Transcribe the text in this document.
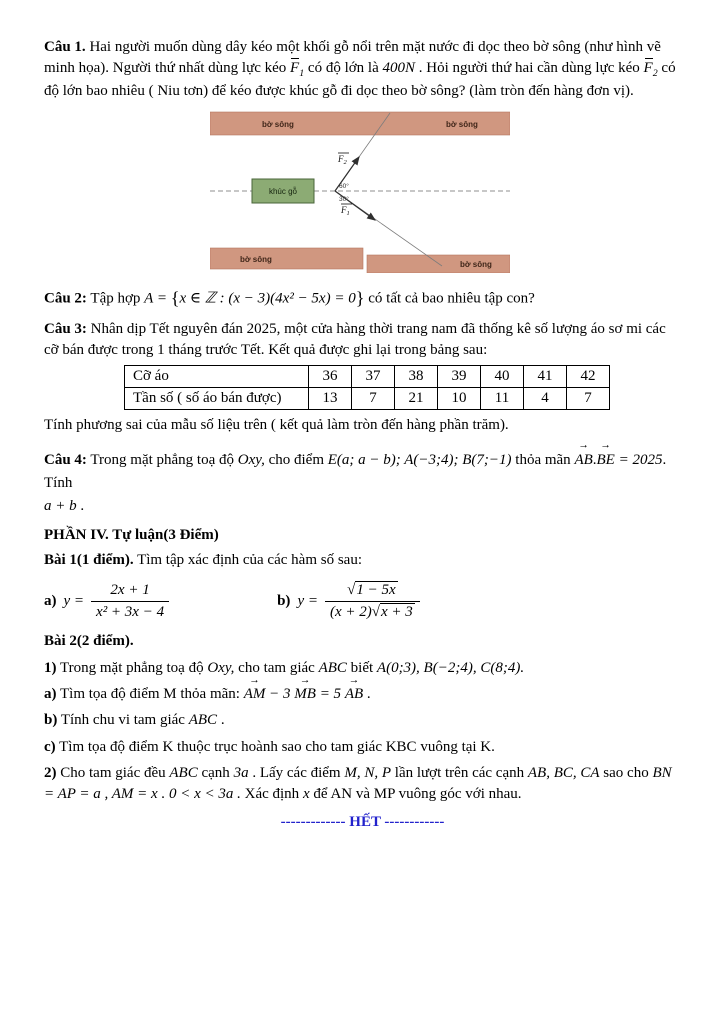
Câu 1. Hai người muốn dùng dây kéo một khối gỗ nổi trên mặt nước đi dọc theo bờ sông (như hình vẽ minh họa). Người thứ nhất dùng lực kéo $F_1$ có độ lớn là 400N . Hỏi người thứ hai cần dùng lực kéo $F_2$ có độ lớn bao nhiêu ( Niu tơn) để kéo được khúc gỗ đi dọc theo bờ sông? (làm tròn đến hàng đơn vị).

bờ sông	bờ sông
bờ sông
bờ sông
khúc gỗ
$F_2$
$F_1$
60°
30°

Câu 2: Tập hợp A = {x ∈ ℤ : (x − 3)(4x² − 5x) = 0} có tất cả bao nhiêu tập con?

Câu 3: Nhân dịp Tết nguyên đán 2025, một cửa hàng thời trang nam đã thống kê số lượng áo sơ mi các cỡ bán được trong 1 tháng trước Tết. Kết quả được ghi lại trong bảng sau:

Cỡ áo	36	37	38	39	40	41	42
Tần số ( số áo bán được)	13	7	21	10	11	4	7

Tính phương sai của mẫu số liệu trên ( kết quả làm tròn đến hàng phần trăm).

Câu 4: Trong mặt phẳng toạ độ Oxy, cho điểm E(a; a − b); A(−3;4); B(7;−1) thỏa mãn → AB.→ BE = 2025. Tính
a + b .

PHẦN IV. Tự luận(3 Điểm)

Bài 1(1 điểm). Tìm tập xác định của các hàm số sau:

a) $y = \frac{2x + 1}{\text{x² + 3x − 4}}$	b) $y = \frac{√1 - 5x}{(x + 2)√x + 3}$

Bài 2(2 điểm).

1) Trong mặt phẳng toạ độ Oxy, cho tam giác ABC biết A(0;3), B(−2;4), C(8;4).

a) Tìm tọa độ điểm M thỏa mãn: → AM − 3 → MB = 5 → AB .

b) Tính chu vi tam giác ABC .

c) Tìm tọa độ điểm K thuộc trục hoành sao cho tam giác KBC vuông tại K.

2) Cho tam giác đều ABC cạnh 3a . Lấy các điểm M, N, P lần lượt trên các cạnh AB, BC, CA sao cho BN = AP = a , AM = x . 0 < x < 3a . Xác định x để AN và MP vuông góc với nhau.

------------- HẾT ------------
